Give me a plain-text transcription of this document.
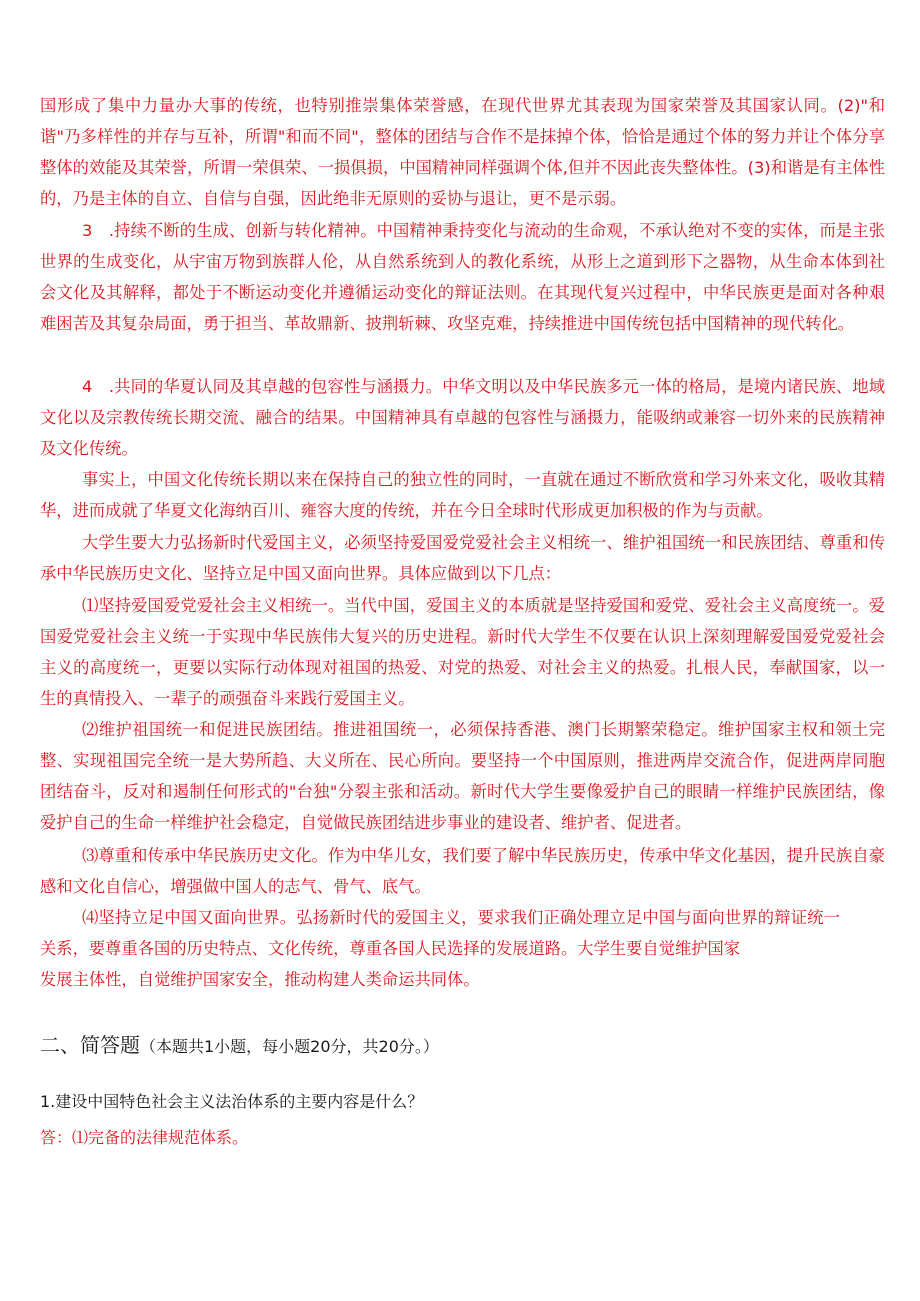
国形成了集中力量办大事的传统，也特别推崇集体荣誉感，在现代世界尤其表现为国家荣誉及其国家认同。(2)"和谐"乃多样性的并存与互补，所谓"和而不同"，整体的团结与合作不是抹掉个体，恰恰是通过个体的努力并让个体分享整体的效能及其荣誉，所谓一荣俱荣、一损俱损，中国精神同样强调个体,但并不因此丧失整体性。(3)和谐是有主体性的，乃是主体的自立、自信与自强，因此绝非无原则的妥协与退让，更不是示弱。

3　.持续不断的生成、创新与转化精神。中国精神秉持变化与流动的生命观，不承认绝对不变的实体，而是主张世界的生成变化，从宇宙万物到族群人伦，从自然系统到人的教化系统，从形上之道到形下之器物，从生命本体到社会文化及其解释，都处于不断运动变化并遵循运动变化的辩证法则。在其现代复兴过程中，中华民族更是面对各种艰难困苦及其复杂局面，勇于担当、革故鼎新、披荆斩棘、攻坚克难，持续推进中国传统包括中国精神的现代转化。

4　.共同的华夏认同及其卓越的包容性与涵摄力。中华文明以及中华民族多元一体的格局，是境内诸民族、地域文化以及宗教传统长期交流、融合的结果。中国精神具有卓越的包容性与涵摄力，能吸纳或兼容一切外来的民族精神及文化传统。

事实上，中国文化传统长期以来在保持自己的独立性的同时，一直就在通过不断欣赏和学习外来文化，吸收其精华，进而成就了华夏文化海纳百川、雍容大度的传统，并在今日全球时代形成更加积极的作为与贡献。

大学生要大力弘扬新时代爱国主义，必须坚持爱国爱党爱社会主义相统一、维护祖国统一和民族团结、尊重和传承中华民族历史文化、坚持立足中国又面向世界。具体应做到以下几点：

⑴坚持爱国爱党爱社会主义相统一。当代中国，爱国主义的本质就是坚持爱国和爱党、爱社会主义高度统一。爱国爱党爱社会主义统一于实现中华民族伟大复兴的历史进程。新时代大学生不仅要在认识上深刻理解爱国爱党爱社会主义的高度统一，更要以实际行动体现对祖国的热爱、对党的热爱、对社会主义的热爱。扎根人民，奉献国家，以一生的真情投入、一辈子的顽强奋斗来践行爱国主义。

⑵维护祖国统一和促进民族团结。推进祖国统一，必须保持香港、澳门长期繁荣稳定。维护国家主权和领土完整、实现祖国完全统一是大势所趋、大义所在、民心所向。要坚持一个中国原则，推进两岸交流合作，促进两岸同胞团结奋斗，反对和遏制任何形式的"台独"分裂主张和活动。新时代大学生要像爱护自己的眼睛一样维护民族团结，像爱护自己的生命一样维护社会稳定，自觉做民族团结进步事业的建设者、维护者、促进者。

⑶尊重和传承中华民族历史文化。作为中华儿女，我们要了解中华民族历史，传承中华文化基因，提升民族自豪感和文化自信心，增强做中国人的志气、骨气、底气。

⑷坚持立足中国又面向世界。弘扬新时代的爱国主义，要求我们正确处理立足中国与面向世界的辩证统一关系，要尊重各国的历史特点、文化传统，尊重各国人民选择的发展道路。大学生要自觉维护国家

发展主体性，自觉维护国家安全，推动构建人类命运共同体。

二、简答题（本题共1小题，每小题20分，共20分。）
1.建设中国特色社会主义法治体系的主要内容是什么？
答：⑴完备的法律规范体系。
